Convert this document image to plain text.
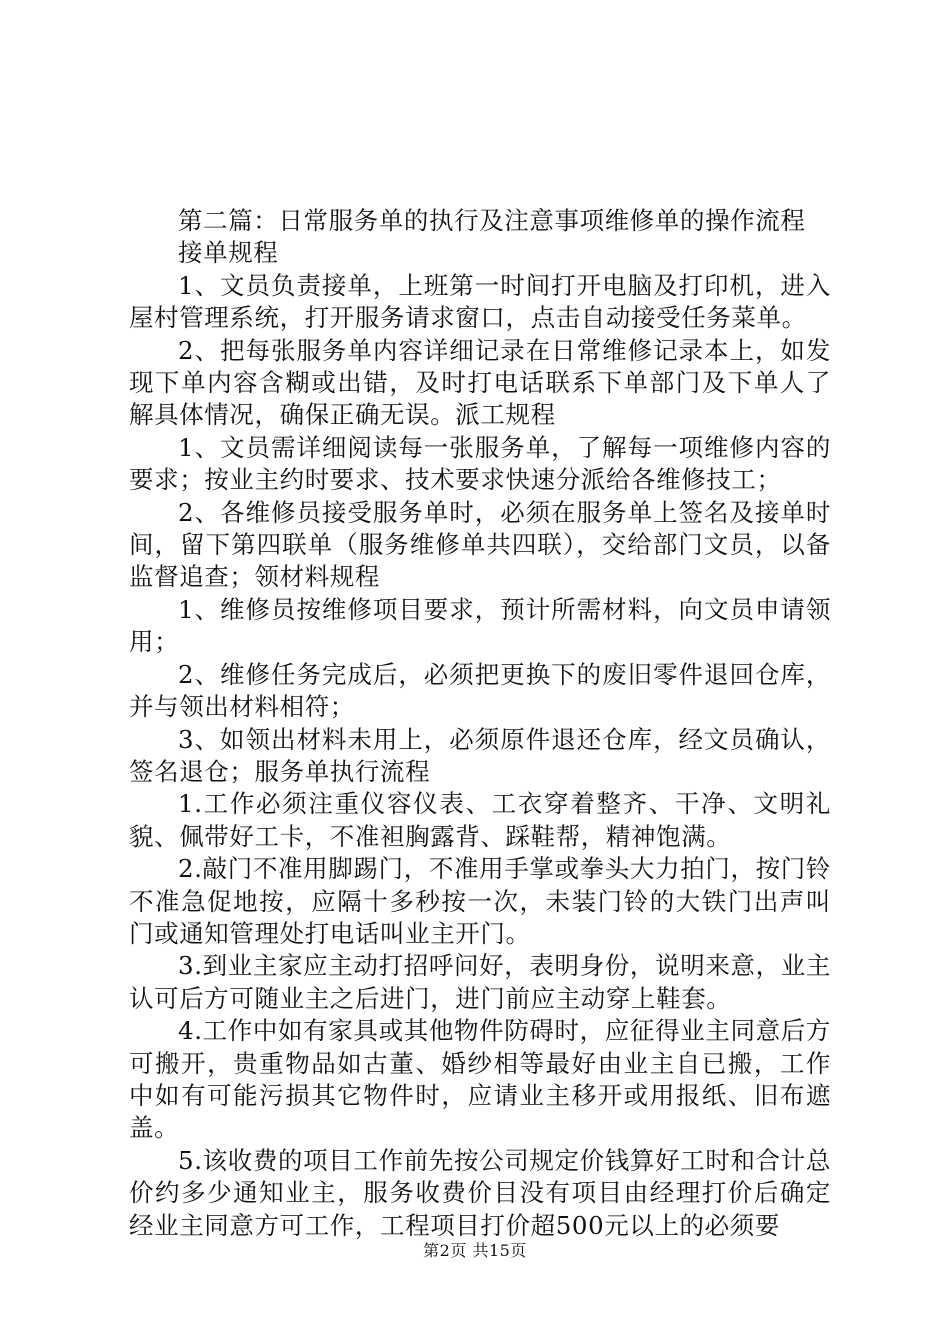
第二篇：日常服务单的执行及注意事项维修单的操作流程

接单规程

1、文员负责接单，上班第一时间打开电脑及打印机，进入屋村管理系统，打开服务请求窗口，点击自动接受任务菜单。

2、把每张服务单内容详细记录在日常维修记录本上，如发现下单内容含糊或出错，及时打电话联系下单部门及下单人了解具体情况，确保正确无误。派工规程

1、文员需详细阅读每一张服务单，了解每一项维修内容的要求；按业主约时要求、技术要求快速分派给各维修技工；

2、各维修员接受服务单时，必须在服务单上签名及接单时间，留下第四联单（服务维修单共四联），交给部门文员，以备监督追查；领材料规程

1、维修员按维修项目要求，预计所需材料，向文员申请领用；

2、维修任务完成后，必须把更换下的废旧零件退回仓库，并与领出材料相符；

3、如领出材料未用上，必须原件退还仓库，经文员确认，签名退仓；服务单执行流程

1.工作必须注重仪容仪表、工衣穿着整齐、干净、文明礼貌、佩带好工卡，不准袒胸露背、踩鞋帮，精神饱满。

2.敲门不准用脚踢门，不准用手掌或拳头大力拍门，按门铃不准急促地按，应隔十多秒按一次，未装门铃的大铁门出声叫门或通知管理处打电话叫业主开门。

3.到业主家应主动打招呼问好，表明身份，说明来意，业主认可后方可随业主之后进门，进门前应主动穿上鞋套。

4.工作中如有家具或其他物件防碍时，应征得业主同意后方可搬开，贵重物品如古董、婚纱相等最好由业主自已搬，工作中如有可能污损其它物件时，应请业主移开或用报纸、旧布遮盖。

5.该收费的项目工作前先按公司规定价钱算好工时和合计总价约多少通知业主，服务收费价目没有项目由经理打价后确定经业主同意方可工作，工程项目打价超500元以上的必须要

第2页 共15页
